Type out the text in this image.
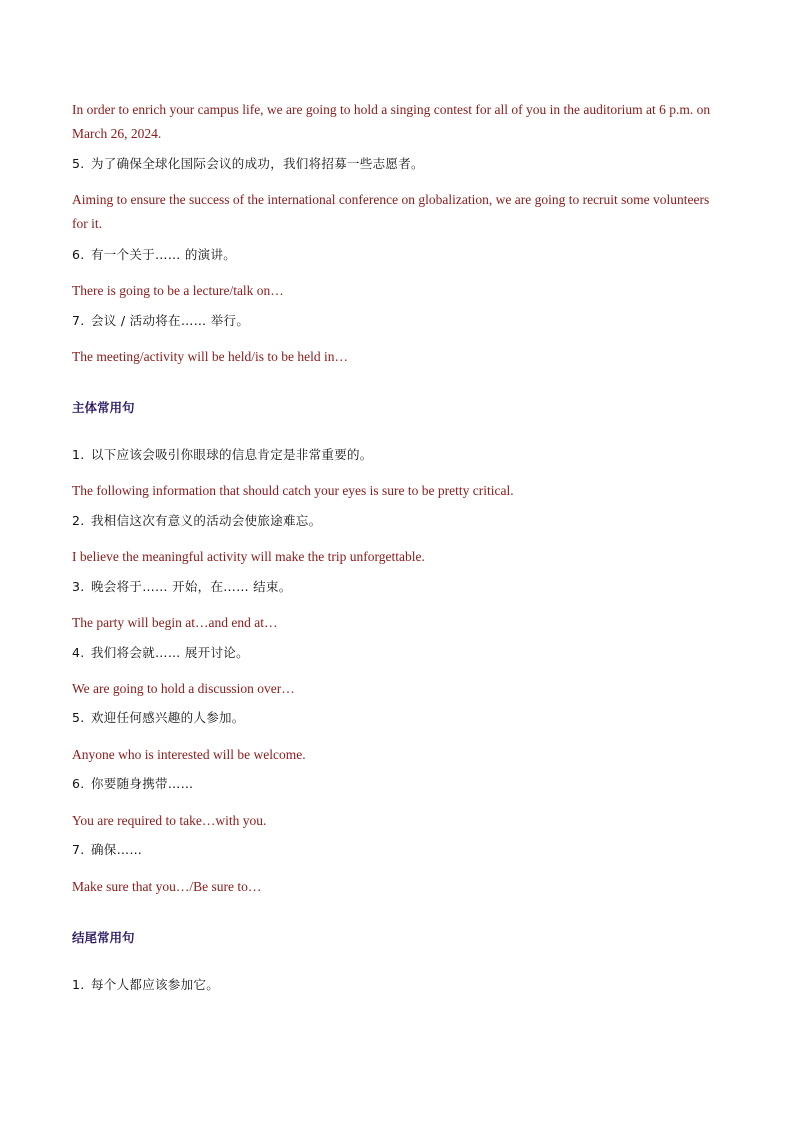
In order to enrich your campus life, we are going to hold a singing contest for all of you in the auditorium at 6 p.m. on March 26, 2024.
5. 为了确保全球化国际会议的成功，我们将招募一些志愿者。
Aiming to ensure the success of the international conference on globalization, we are going to recruit some volunteers for it.
6. 有一个关于…… 的演讲。
There is going to be a lecture/talk on…
7. 会议 / 活动将在…… 举行。
The meeting/activity will be held/is to be held in…
主体常用句
1. 以下应该会吸引你眼球的信息肯定是非常重要的。
The following information that should catch your eyes is sure to be pretty critical.
2. 我相信这次有意义的活动会使旅途难忘。
I believe the meaningful activity will make the trip unforgettable.
3. 晚会将于…… 开始，在…… 结束。
The party will begin at…and end at…
4. 我们将会就…… 展开讨论。
We are going to hold a discussion over…
5. 欢迎任何感兴趣的人参加。
Anyone who is interested will be welcome.
6. 你要随身携带……
You are required to take…with you.
7. 确保……
Make sure that you…/Be sure to…
结尾常用句
1. 每个人都应该参加它。
